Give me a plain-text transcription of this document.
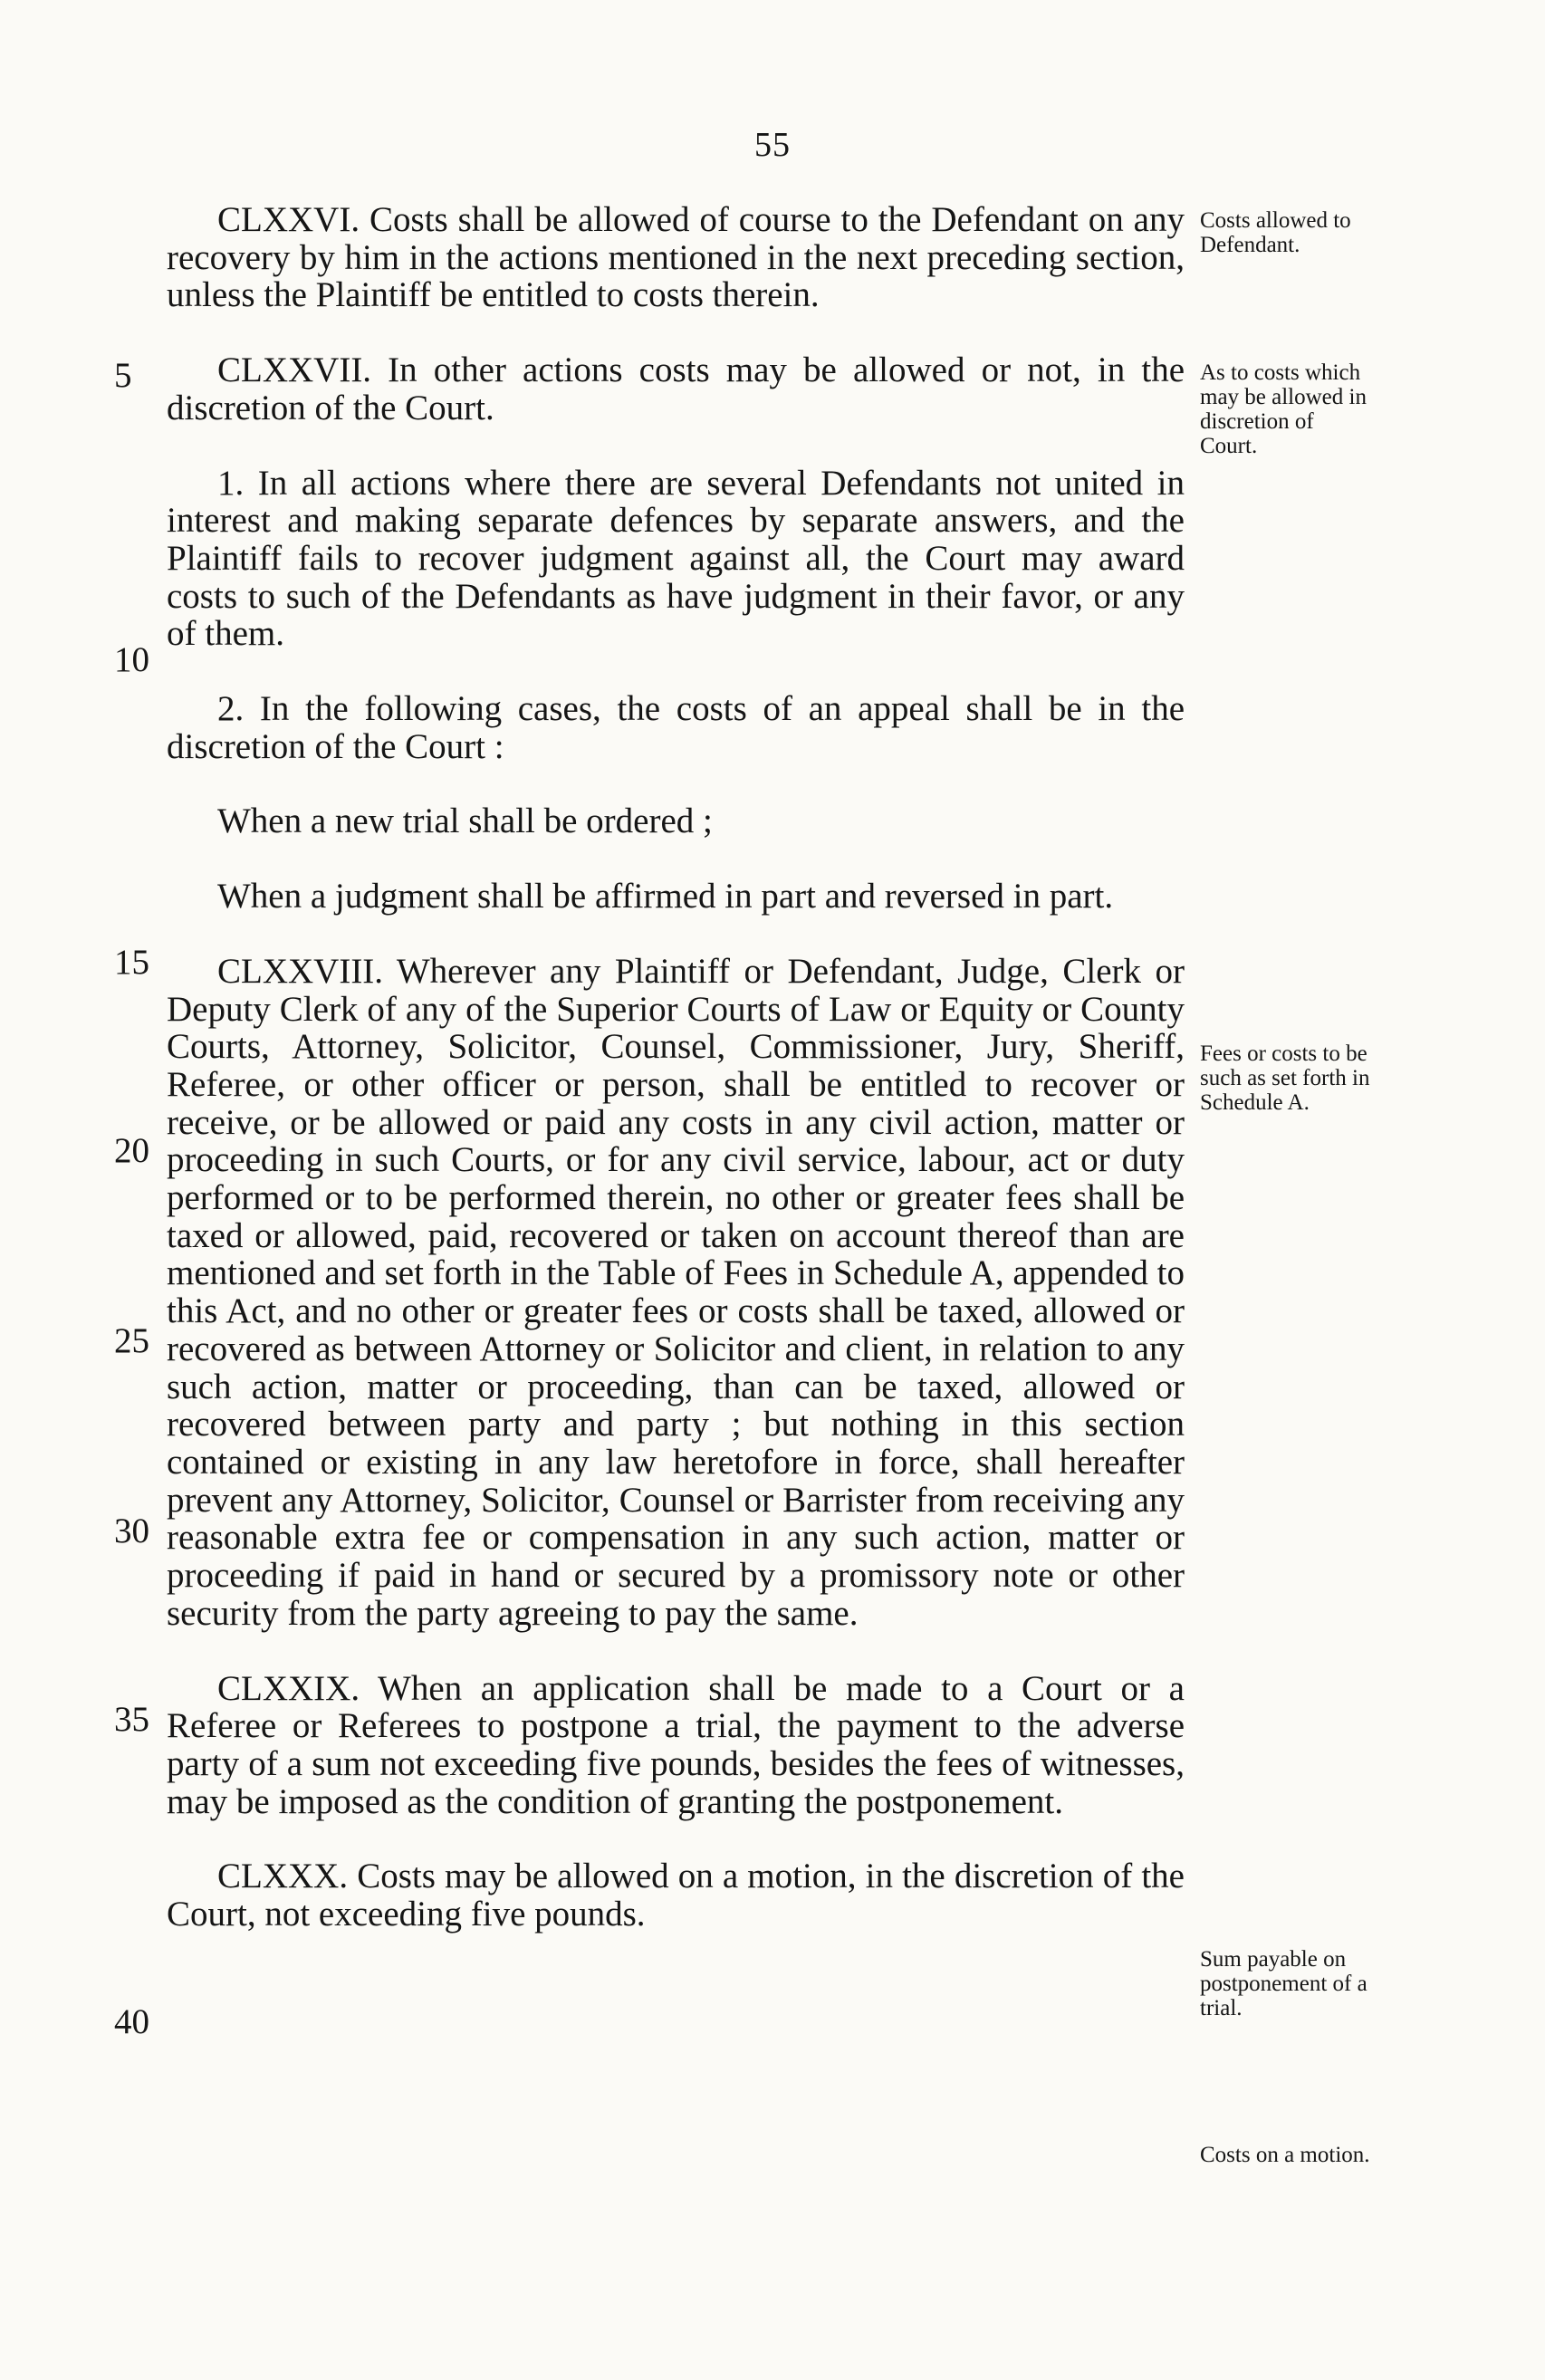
55
5
10
15
20
25
30
35
40

CLXXVI. Costs shall be allowed of course to the Defendant on any recovery by him in the actions mentioned in the next preceding section, unless the Plaintiff be entitled to costs therein.

CLXXVII. In other actions costs may be allowed or not, in the discretion of the Court.

1. In all actions where there are several Defendants not united in interest and making separate defences by separate answers, and the Plaintiff fails to recover judgment against all, the Court may award costs to such of the Defendants as have judgment in their favor, or any of them.

2. In the following cases, the costs of an appeal shall be in the discretion of the Court :

When a new trial shall be ordered ;

When a judgment shall be affirmed in part and reversed in part.

CLXXVIII. Wherever any Plaintiff or Defendant, Judge, Clerk or Deputy Clerk of any of the Superior Courts of Law or Equity or County Courts, Attorney, Solicitor, Counsel, Commissioner, Jury, Sheriff, Referee, or other officer or person, shall be entitled to recover or receive, or be allowed or paid any costs in any civil action, matter or proceeding in such Courts, or for any civil service, labour, act or duty performed or to be performed therein, no other or greater fees shall be taxed or allowed, paid, recovered or taken on account thereof than are mentioned and set forth in the Table of Fees in Schedule A, appended to this Act, and no other or greater fees or costs shall be taxed, allowed or recovered as between Attorney or Solicitor and client, in relation to any such action, matter or proceeding, than can be taxed, allowed or recovered between party and party ; but nothing in this section contained or existing in any law heretofore in force, shall hereafter prevent any Attorney, Solicitor, Counsel or Barrister from receiving any reasonable extra fee or compensation in any such action, matter or proceeding if paid in hand or secured by a promissory note or other security from the party agreeing to pay the same.

CLXXIX. When an application shall be made to a Court or a Referee or Referees to postpone a trial, the payment to the adverse party of a sum not exceeding five pounds, besides the fees of witnesses, may be imposed as the condition of granting the postponement.

CLXXX. Costs may be allowed on a motion, in the discretion of the Court, not exceeding five pounds.

Costs allowed to Defendant.
As to costs which may be allowed in discretion of Court.
Fees or costs to be such as set forth in Schedule A.
Sum payable on postponement of a trial.
Costs on a motion.
